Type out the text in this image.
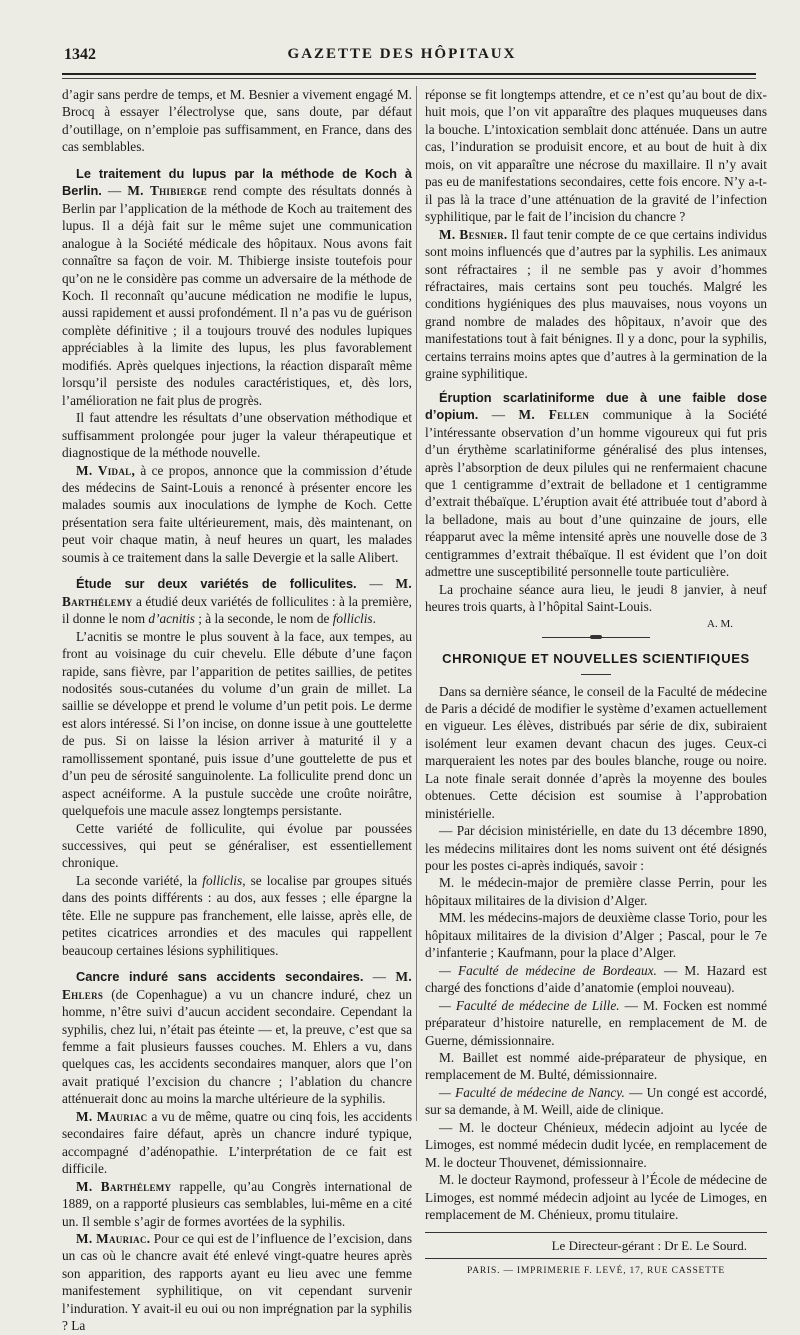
1342	GAZETTE DES HÔPITAUX

d’agir sans perdre de temps, et M. Besnier a vivement engagé M. Brocq à essayer l’électrolyse que, sans doute, par défaut d’outillage, on n’emploie pas suffisamment, en France, dans des cas semblables.

Le traitement du lupus par la méthode de Koch à Berlin. — M. Thibierge rend compte des résultats donnés à Berlin par l’application de la méthode de Koch au traitement des lupus. Il a déjà fait sur le même sujet une communication analogue à la Société médicale des hôpitaux. Nous avons fait connaître sa façon de voir. M. Thibierge insiste toutefois pour qu’on ne le considère pas comme un adversaire de la méthode de Koch. Il reconnaît qu’aucune médication ne modifie le lupus, aussi rapidement et aussi profondément. Il n’a pas vu de guérison complète définitive ; il a toujours trouvé des nodules lupiques appréciables à la limite des lupus, les plus favorablement modifiés. Après quelques injections, la réaction disparaît même lorsqu’il persiste des nodules caractéristiques, et, dès lors, l’amélioration ne fait plus de progrès.

Il faut attendre les résultats d’une observation méthodique et suffisamment prolongée pour juger la valeur thérapeutique et diagnostique de la méthode nouvelle.

M. Vidal, à ce propos, annonce que la commission d’étude des médecins de Saint-Louis a renoncé à présenter encore les malades soumis aux inoculations de lymphe de Koch. Cette présentation sera faite ultérieurement, mais, dès maintenant, on peut voir chaque matin, à neuf heures un quart, les malades soumis à ce traitement dans la salle Devergie et la salle Alibert.

Étude sur deux variétés de folliculites. — M. Barthélemy a étudié deux variétés de folliculites : à la première, il donne le nom d’acnitis ; à la seconde, le nom de folliclis.

L’acnitis se montre le plus souvent à la face, aux tempes, au front au voisinage du cuir chevelu. Elle débute d’une façon rapide, sans fièvre, par l’apparition de petites saillies, de petites nodosités sous-cutanées du volume d’un grain de millet. La saillie se développe et prend le volume d’un petit pois. Le derme est alors intéressé. Si l’on incise, on donne issue à une gouttelette de pus. Si on laisse la lésion arriver à maturité il y a ramollissement spontané, puis issue d’une gouttelette de pus et d’un peu de sérosité sanguinolente. La folliculite prend donc un aspect acnéiforme. A la pustule succède une croûte noirâtre, quelquefois une macule assez longtemps persistante.

Cette variété de folliculite, qui évolue par poussées successives, qui peut se généraliser, est essentiellement chronique.

La seconde variété, la folliclis, se localise par groupes situés dans des points différents : au dos, aux fesses ; elle épargne la tête. Elle ne suppure pas franchement, elle laisse, après elle, de petites cicatrices arrondies et des macules qui rappellent beaucoup certaines lésions syphilitiques.

Cancre induré sans accidents secondaires. — M. Ehlers (de Copenhague) a vu un chancre induré, chez un homme, n’être suivi d’aucun accident secondaire. Cependant la syphilis, chez lui, n’était pas éteinte — et, la preuve, c’est que sa femme a fait plusieurs fausses couches. M. Ehlers a vu, dans quelques cas, les accidents secondaires manquer, alors que l’on avait pratiqué l’excision du chancre ; l’ablation du chancre atténuerait donc au moins la marche ultérieure de la syphilis.

M. Mauriac a vu de même, quatre ou cinq fois, les accidents secondaires faire défaut, après un chancre induré typique, accompagné d’adénopathie. L’interprétation de ce fait est difficile.

M. Barthélemy rappelle, qu’au Congrès international de 1889, on a rapporté plusieurs cas semblables, lui-même en a cité un. Il semble s’agir de formes avortées de la syphilis.

M. Mauriac. Pour ce qui est de l’influence de l’excision, dans un cas où le chancre avait été enlevé vingt-quatre heures après son apparition, des rapports ayant eu lieu avec une femme manifestement syphilitique, on vit cependant survenir l’induration. Y avait-il eu oui ou non imprégnation par la syphilis ? La

réponse se fit longtemps attendre, et ce n’est qu’au bout de dix-huit mois, que l’on vit apparaître des plaques muqueuses dans la bouche. L’intoxication semblait donc atténuée. Dans un autre cas, l’induration se produisit encore, et au bout de huit à dix mois, on vit apparaître une nécrose du maxillaire. Il n’y avait pas eu de manifestations secondaires, cette fois encore. N’y a-t-il pas là la trace d’une atténuation de la gravité de l’infection syphilitique, par le fait de l’incision du chancre ?

M. Besnier. Il faut tenir compte de ce que certains individus sont moins influencés que d’autres par la syphilis. Les animaux sont réfractaires ; il ne semble pas y avoir d’hommes réfractaires, mais certains sont peu touchés. Malgré les conditions hygiéniques des plus mauvaises, nous voyons un grand nombre de malades des hôpitaux, n’avoir que des manifestations tout à fait bénignes. Il y a donc, pour la syphilis, certains terrains moins aptes que d’autres à la germination de la graine syphilitique.

Éruption scarlatiniforme due à une faible dose d’opium. — M. Fellen communique à la Société l’intéressante observation d’un homme vigoureux qui fut pris d’un érythème scarlatiniforme généralisé des plus intenses, après l’absorption de deux pilules qui ne renfermaient chacune que 1 centigramme d’extrait de belladone et 1 centigramme d’extrait thébaïque. L’éruption avait été attribuée tout d’abord à la belladone, mais au bout d’une quinzaine de jours, elle réapparut avec la même intensité après une nouvelle dose de 3 centigrammes d’extrait thébaïque. Il est évident que l’on doit admettre une susceptibilité personnelle toute particulière.

La prochaine séance aura lieu, le jeudi 8 janvier, à neuf heures trois quarts, à l’hôpital Saint-Louis.

A. M.
CHRONIQUE ET NOUVELLES SCIENTIFIQUES

Dans sa dernière séance, le conseil de la Faculté de médecine de Paris a décidé de modifier le système d’examen actuellement en vigueur. Les élèves, distribués par série de dix, subiraient isolément leur examen devant chacun des juges. Ceux-ci marqueraient les notes par des boules blanche, rouge ou noire. La note finale serait donnée d’après la moyenne des boules obtenues. Cette décision est soumise à l’approbation ministérielle.

— Par décision ministérielle, en date du 13 décembre 1890, les médecins militaires dont les noms suivent ont été désignés pour les postes ci-après indiqués, savoir :

M. le médecin-major de première classe Perrin, pour les hôpitaux militaires de la division d’Alger.

MM. les médecins-majors de deuxième classe Torio, pour les hôpitaux militaires de la division d’Alger ; Pascal, pour le 7e d’infanterie ; Kaufmann, pour la place d’Alger.

— Faculté de médecine de Bordeaux. — M. Hazard est chargé des fonctions d’aide d’anatomie (emploi nouveau).

— Faculté de médecine de Lille. — M. Focken est nommé préparateur d’histoire naturelle, en remplacement de M. de Guerne, démissionnaire.

M. Baillet est nommé aide-préparateur de physique, en remplacement de M. Bulté, démissionnaire.

— Faculté de médecine de Nancy. — Un congé est accordé, sur sa demande, à M. Weill, aide de clinique.

— M. le docteur Chénieux, médecin adjoint au lycée de Limoges, est nommé médecin dudit lycée, en remplacement de M. le docteur Thouvenet, démissionnaire.

M. le docteur Raymond, professeur à l’École de médecine de Limoges, est nommé médecin adjoint au lycée de Limoges, en remplacement de M. Chénieux, promu titulaire.

Le Directeur-gérant : Dr E. Le Sourd.
PARIS. — IMPRIMERIE F. LEVÉ, 17, RUE CASSETTE
